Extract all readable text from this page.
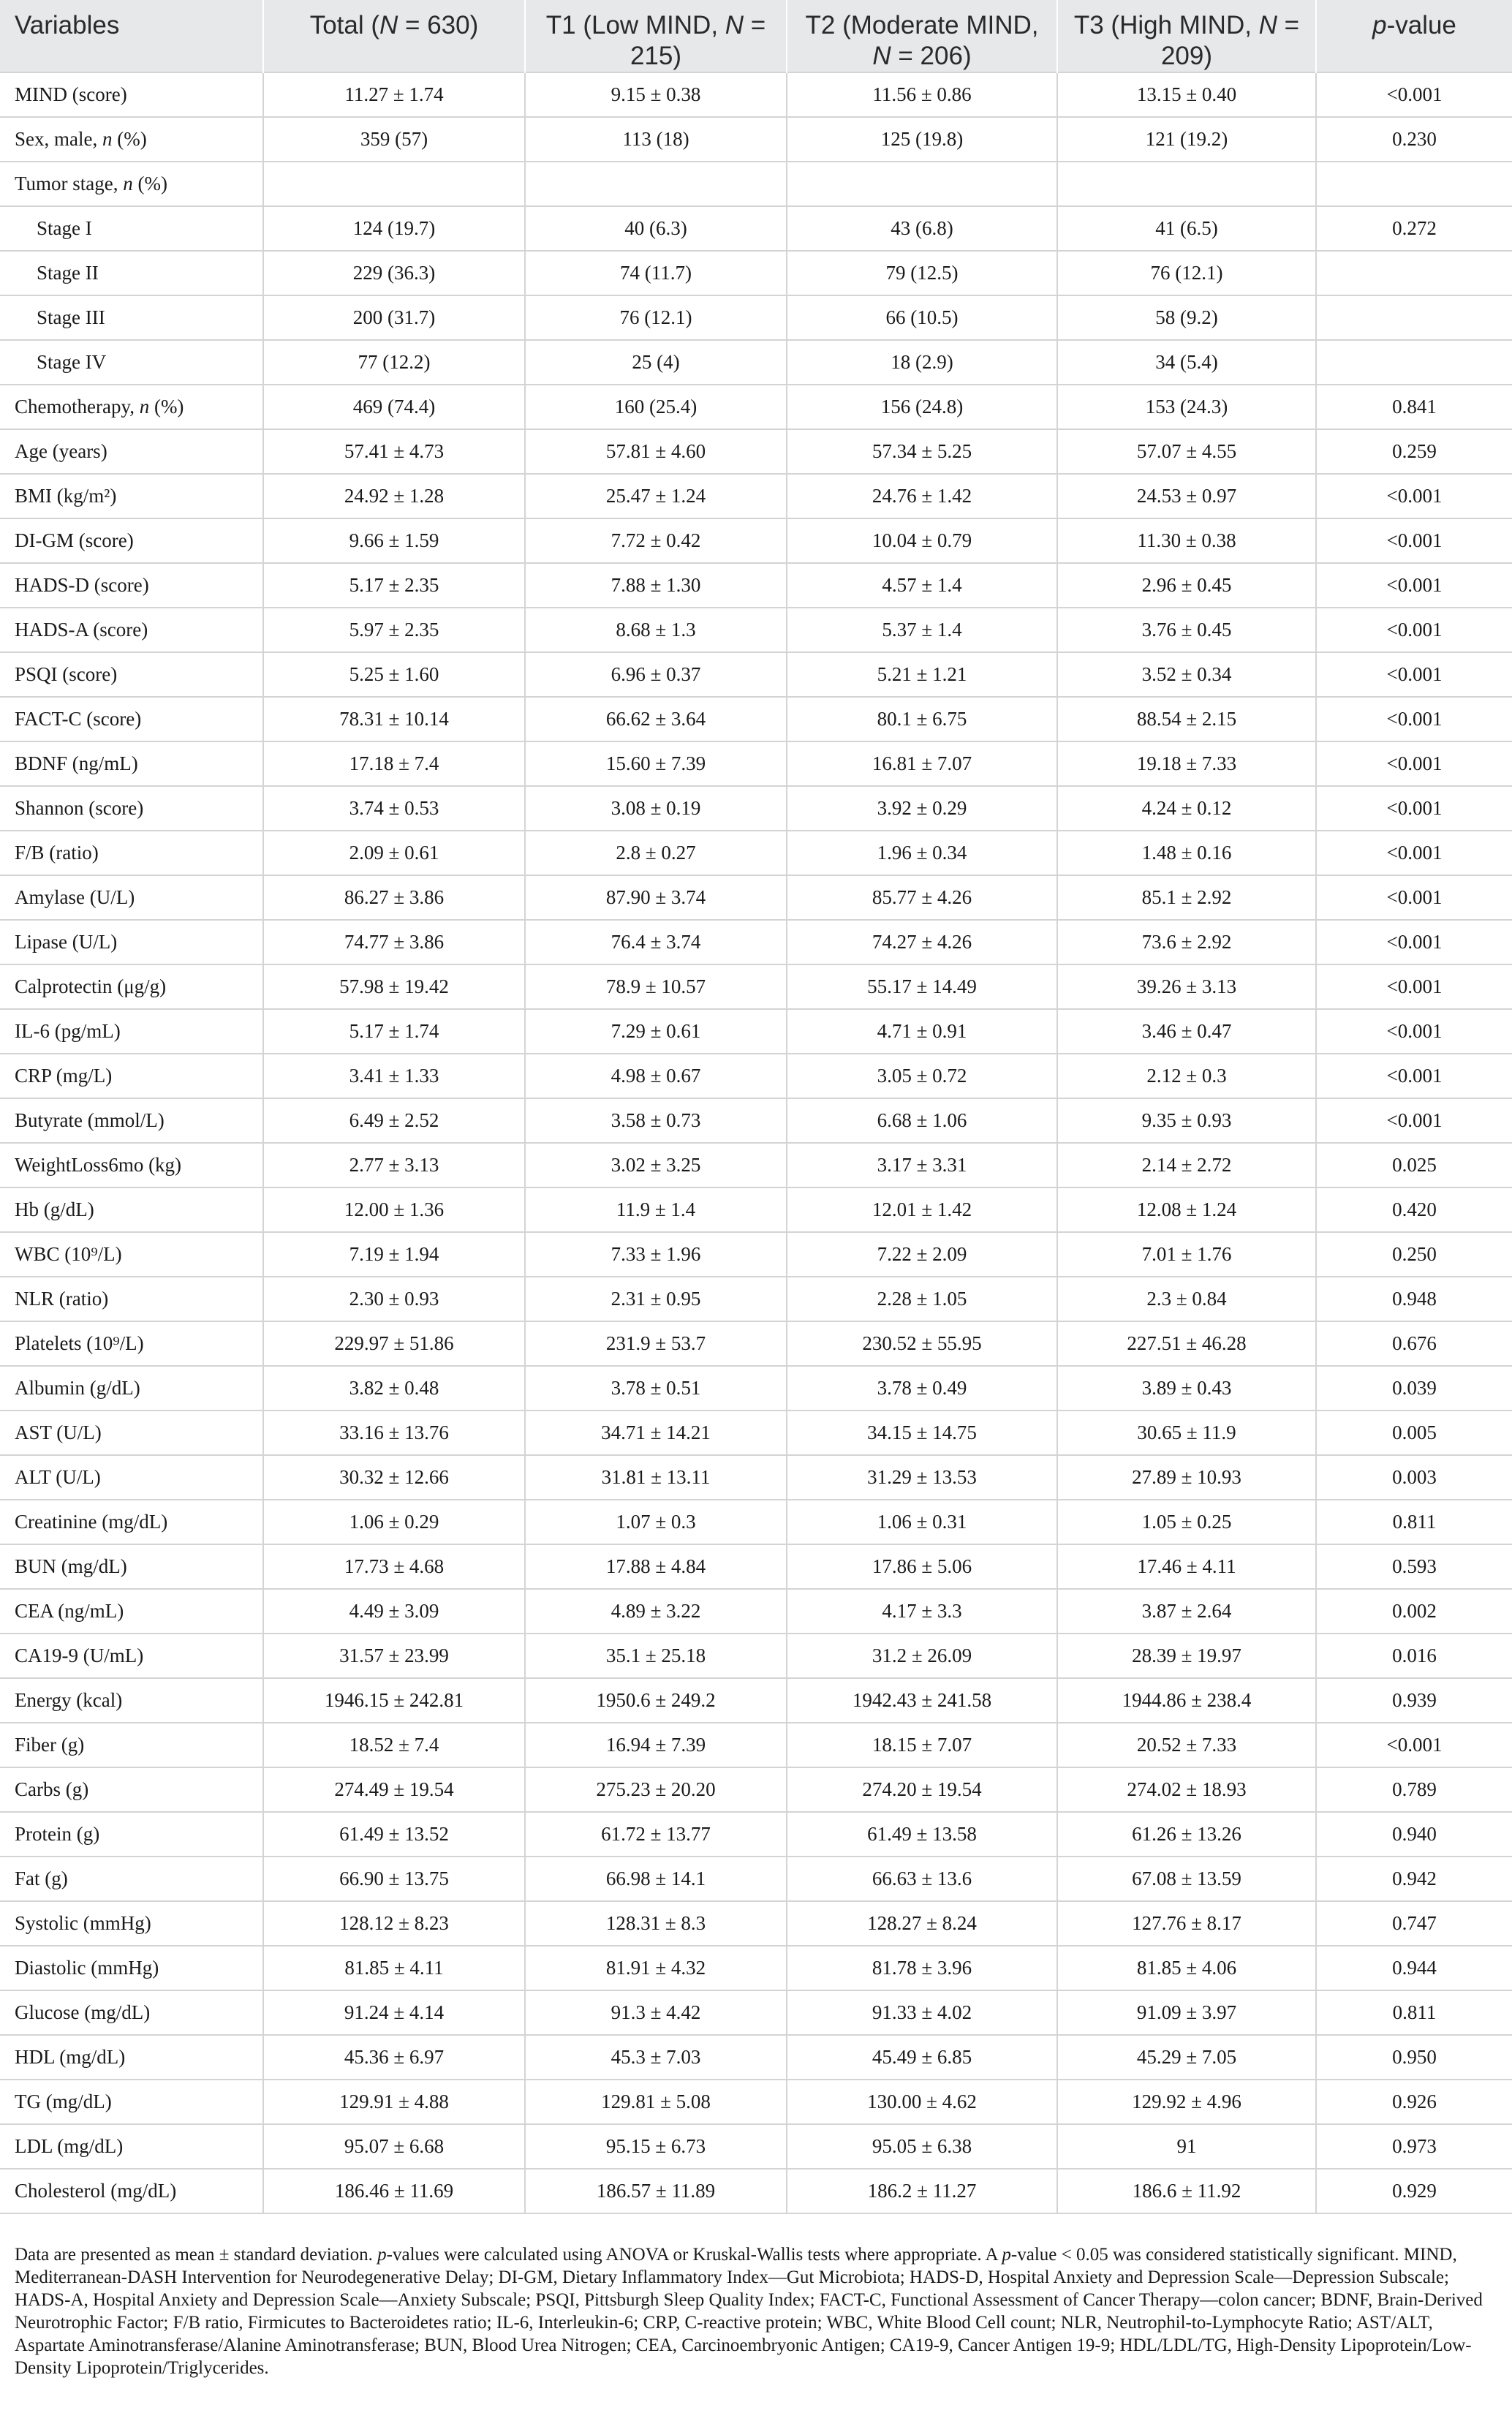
Variables	Total (N = 630)	T1 (Low MIND, N = 215)	T2 (Moderate MIND, N = 206)	T3 (High MIND, N = 209)	p-value
MIND (score)	11.27 ± 1.74	9.15 ± 0.38	11.56 ± 0.86	13.15 ± 0.40	<0.001
Sex, male, n (%)	359 (57)	113 (18)	125 (19.8)	121 (19.2)	0.230
Tumor stage, n (%)					
Stage I	124 (19.7)	40 (6.3)	43 (6.8)	41 (6.5)	0.272
Stage II	229 (36.3)	74 (11.7)	79 (12.5)	76 (12.1)	
Stage III	200 (31.7)	76 (12.1)	66 (10.5)	58 (9.2)	
Stage IV	77 (12.2)	25 (4)	18 (2.9)	34 (5.4)	
Chemotherapy, n (%)	469 (74.4)	160 (25.4)	156 (24.8)	153 (24.3)	0.841
Age (years)	57.41 ± 4.73	57.81 ± 4.60	57.34 ± 5.25	57.07 ± 4.55	0.259
BMI (kg/m²)	24.92 ± 1.28	25.47 ± 1.24	24.76 ± 1.42	24.53 ± 0.97	<0.001
DI-GM (score)	9.66 ± 1.59	7.72 ± 0.42	10.04 ± 0.79	11.30 ± 0.38	<0.001
HADS-D (score)	5.17 ± 2.35	7.88 ± 1.30	4.57 ± 1.4	2.96 ± 0.45	<0.001
HADS-A (score)	5.97 ± 2.35	8.68 ± 1.3	5.37 ± 1.4	3.76 ± 0.45	<0.001
PSQI (score)	5.25 ± 1.60	6.96 ± 0.37	5.21 ± 1.21	3.52 ± 0.34	<0.001
FACT-C (score)	78.31 ± 10.14	66.62 ± 3.64	80.1 ± 6.75	88.54 ± 2.15	<0.001
BDNF (ng/mL)	17.18 ± 7.4	15.60 ± 7.39	16.81 ± 7.07	19.18 ± 7.33	<0.001
Shannon (score)	3.74 ± 0.53	3.08 ± 0.19	3.92 ± 0.29	4.24 ± 0.12	<0.001
F/B (ratio)	2.09 ± 0.61	2.8 ± 0.27	1.96 ± 0.34	1.48 ± 0.16	<0.001
Amylase (U/L)	86.27 ± 3.86	87.90 ± 3.74	85.77 ± 4.26	85.1 ± 2.92	<0.001
Lipase (U/L)	74.77 ± 3.86	76.4 ± 3.74	74.27 ± 4.26	73.6 ± 2.92	<0.001
Calprotectin (μg/g)	57.98 ± 19.42	78.9 ± 10.57	55.17 ± 14.49	39.26 ± 3.13	<0.001
IL-6 (pg/mL)	5.17 ± 1.74	7.29 ± 0.61	4.71 ± 0.91	3.46 ± 0.47	<0.001
CRP (mg/L)	3.41 ± 1.33	4.98 ± 0.67	3.05 ± 0.72	2.12 ± 0.3	<0.001
Butyrate (mmol/L)	6.49 ± 2.52	3.58 ± 0.73	6.68 ± 1.06	9.35 ± 0.93	<0.001
WeightLoss6mo (kg)	2.77 ± 3.13	3.02 ± 3.25	3.17 ± 3.31	2.14 ± 2.72	0.025
Hb (g/dL)	12.00 ± 1.36	11.9 ± 1.4	12.01 ± 1.42	12.08 ± 1.24	0.420
WBC (10⁹/L)	7.19 ± 1.94	7.33 ± 1.96	7.22 ± 2.09	7.01 ± 1.76	0.250
NLR (ratio)	2.30 ± 0.93	2.31 ± 0.95	2.28 ± 1.05	2.3 ± 0.84	0.948
Platelets (10⁹/L)	229.97 ± 51.86	231.9 ± 53.7	230.52 ± 55.95	227.51 ± 46.28	0.676
Albumin (g/dL)	3.82 ± 0.48	3.78 ± 0.51	3.78 ± 0.49	3.89 ± 0.43	0.039
AST (U/L)	33.16 ± 13.76	34.71 ± 14.21	34.15 ± 14.75	30.65 ± 11.9	0.005
ALT (U/L)	30.32 ± 12.66	31.81 ± 13.11	31.29 ± 13.53	27.89 ± 10.93	0.003
Creatinine (mg/dL)	1.06 ± 0.29	1.07 ± 0.3	1.06 ± 0.31	1.05 ± 0.25	0.811
BUN (mg/dL)	17.73 ± 4.68	17.88 ± 4.84	17.86 ± 5.06	17.46 ± 4.11	0.593
CEA (ng/mL)	4.49 ± 3.09	4.89 ± 3.22	4.17 ± 3.3	3.87 ± 2.64	0.002
CA19-9 (U/mL)	31.57 ± 23.99	35.1 ± 25.18	31.2 ± 26.09	28.39 ± 19.97	0.016
Energy (kcal)	1946.15 ± 242.81	1950.6 ± 249.2	1942.43 ± 241.58	1944.86 ± 238.4	0.939
Fiber (g)	18.52 ± 7.4	16.94 ± 7.39	18.15 ± 7.07	20.52 ± 7.33	<0.001
Carbs (g)	274.49 ± 19.54	275.23 ± 20.20	274.20 ± 19.54	274.02 ± 18.93	0.789
Protein (g)	61.49 ± 13.52	61.72 ± 13.77	61.49 ± 13.58	61.26 ± 13.26	0.940
Fat (g)	66.90 ± 13.75	66.98 ± 14.1	66.63 ± 13.6	67.08 ± 13.59	0.942
Systolic (mmHg)	128.12 ± 8.23	128.31 ± 8.3	128.27 ± 8.24	127.76 ± 8.17	0.747
Diastolic (mmHg)	81.85 ± 4.11	81.91 ± 4.32	81.78 ± 3.96	81.85 ± 4.06	0.944
Glucose (mg/dL)	91.24 ± 4.14	91.3 ± 4.42	91.33 ± 4.02	91.09 ± 3.97	0.811
HDL (mg/dL)	45.36 ± 6.97	45.3 ± 7.03	45.49 ± 6.85	45.29 ± 7.05	0.950
TG (mg/dL)	129.91 ± 4.88	129.81 ± 5.08	130.00 ± 4.62	129.92 ± 4.96	0.926
LDL (mg/dL)	95.07 ± 6.68	95.15 ± 6.73	95.05 ± 6.38	91	0.973
Cholesterol (mg/dL)	186.46 ± 11.69	186.57 ± 11.89	186.2 ± 11.27	186.6 ± 11.92	0.929

Data are presented as mean ± standard deviation. p-values were calculated using ANOVA or Kruskal-Wallis tests where appropriate. A p-value < 0.05 was considered statistically significant. MIND, Mediterranean-DASH Intervention for Neurodegenerative Delay; DI-GM, Dietary Inflammatory Index—Gut Microbiota; HADS-D, Hospital Anxiety and Depression Scale—Depression Subscale; HADS-A, Hospital Anxiety and Depression Scale—Anxiety Subscale; PSQI, Pittsburgh Sleep Quality Index; FACT-C, Functional Assessment of Cancer Therapy—colon cancer; BDNF, Brain-Derived Neurotrophic Factor; F/B ratio, Firmicutes to Bacteroidetes ratio; IL-6, Interleukin-6; CRP, C-reactive protein; WBC, White Blood Cell count; NLR, Neutrophil-to-Lymphocyte Ratio; AST/ALT, Aspartate Aminotransferase/Alanine Aminotransferase; BUN, Blood Urea Nitrogen; CEA, Carcinoembryonic Antigen; CA19-9, Cancer Antigen 19-9; HDL/LDL/TG, High-Density Lipoprotein/Low-Density Lipoprotein/Triglycerides.
